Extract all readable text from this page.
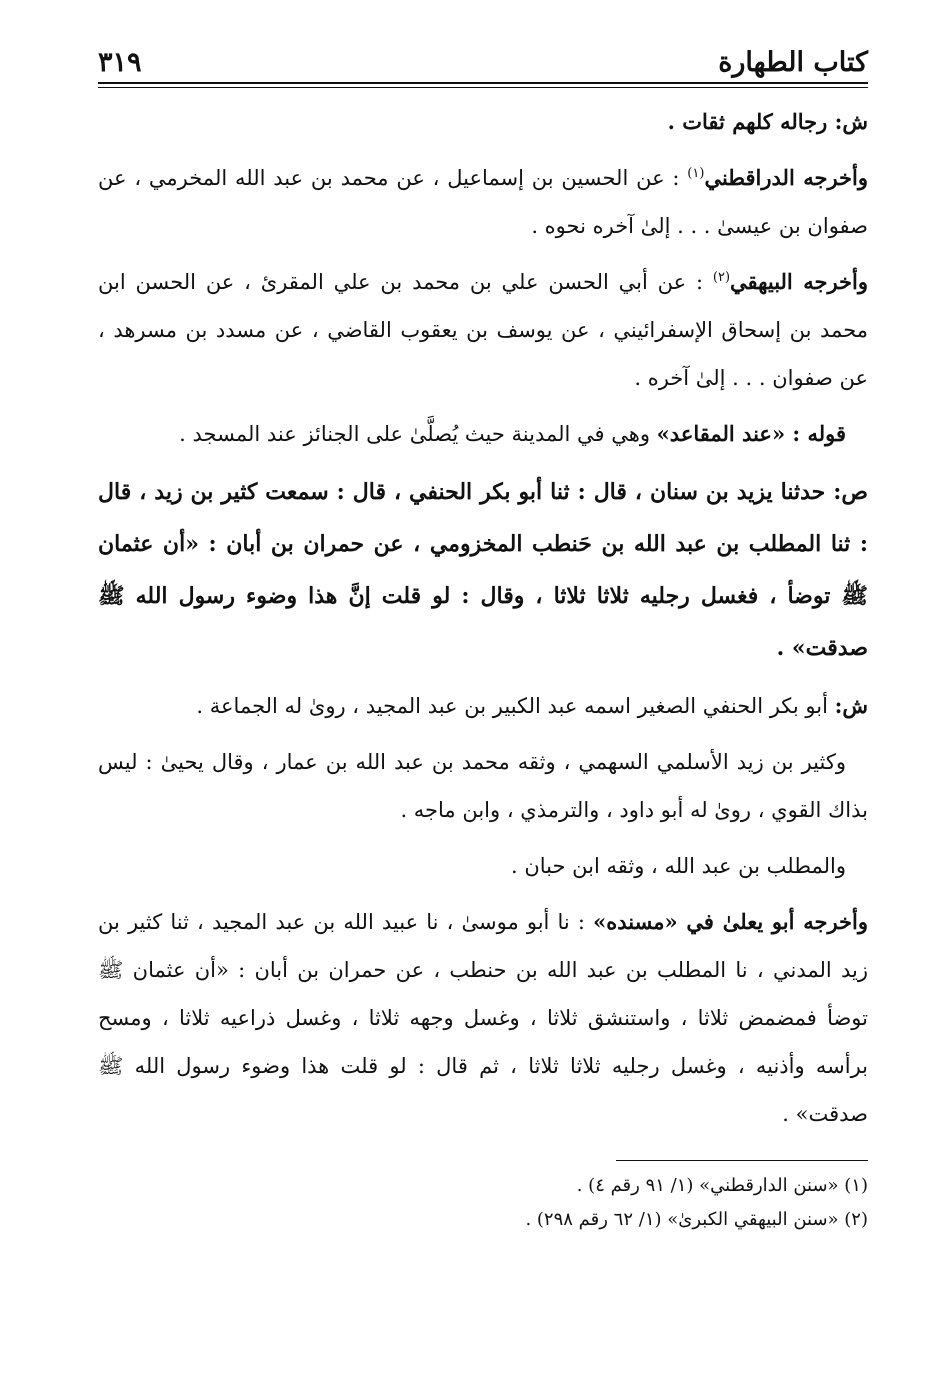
كتاب الطهارة
٣١٩

ش: رجاله كلهم ثقات .

وأخرجه الدراقطني$^{(١)}$ : عن الحسين بن إسماعيل ، عن محمد بن عبد الله المخرمي ، عن صفوان بن عيسىٰ . . . إلىٰ آخره نحوه .

وأخرجه البيهقي$^{(٢)}$ : عن أبي الحسن علي بن محمد بن علي المقرئ ، عن الحسن ابن محمد بن إسحاق الإسفرائيني ، عن يوسف بن يعقوب القاضي ، عن مسدد بن مسرهد ، عن صفوان . . . إلىٰ آخره .

قوله : «عند المقاعد» وهي في المدينة حيث يُصلَّىٰ على الجنائز عند المسجد .

ص: حدثنا يزيد بن سنان ، قال : ثنا أبو بكر الحنفي ، قال : سمعت كثير بن زيد ، قال : ثنا المطلب بن عبد الله بن حَنطب المخزومي ، عن حمران بن أبان : «أن عثمان ﷺ توضأ ، فغسل رجليه ثلاثا ثلاثا ، وقال : لو قلت إنَّ هذا وضوء رسول الله ﷺ صدقت» .

ش: أبو بكر الحنفي الصغير اسمه عبد الكبير بن عبد المجيد ، روىٰ له الجماعة .

وكثير بن زيد الأسلمي السهمي ، وثقه محمد بن عبد الله بن عمار ، وقال يحيىٰ : ليس بذاك القوي ، روىٰ له أبو داود ، والترمذي ، وابن ماجه .

والمطلب بن عبد الله ، وثقه ابن حبان .

وأخرجه أبو يعلىٰ في «مسنده» : نا أبو موسىٰ ، نا عبيد الله بن عبد المجيد ، ثنا كثير بن زيد المدني ، نا المطلب بن عبد الله بن حنطب ، عن حمران بن أبان : «أن عثمان ﷺ توضأ فمضمض ثلاثا ، واستنشق ثلاثا ، وغسل وجهه ثلاثا ، وغسل ذراعيه ثلاثا ، ومسح برأسه وأذنيه ، وغسل رجليه ثلاثا ثلاثا ، ثم قال : لو قلت هذا وضوء رسول الله ﷺ صدقت» .

(١) «سنن الدارقطني» (١/ ٩١ رقم ٤) .

(٢) «سنن البيهقي الكبرىٰ» (١/ ٦٢ رقم ٢٩٨) .
